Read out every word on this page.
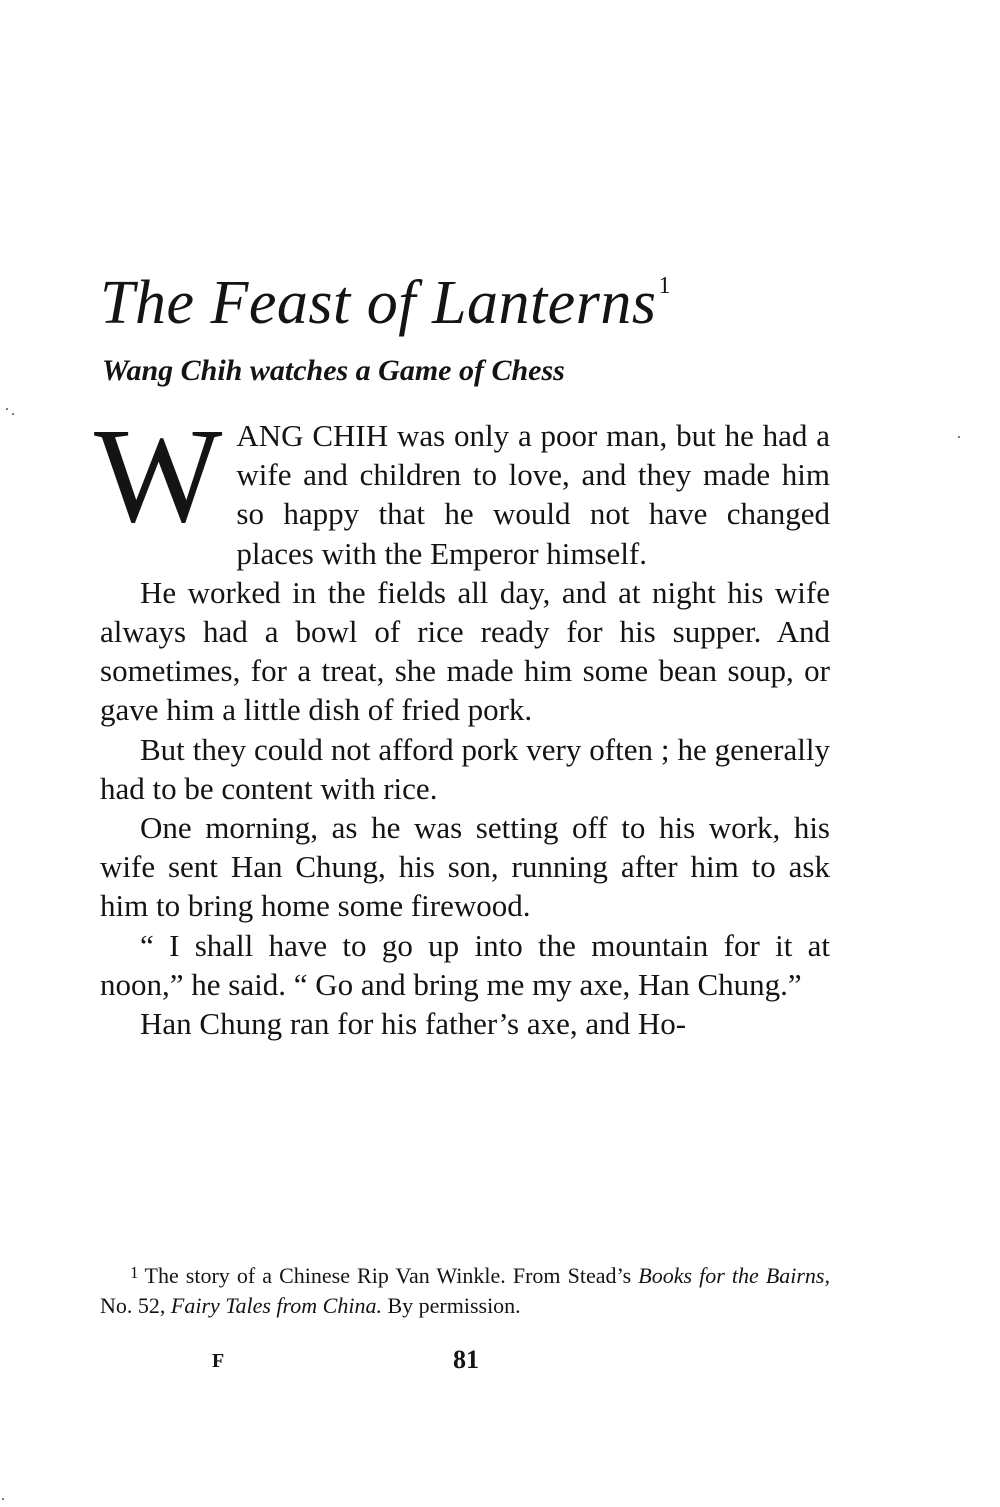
The Feast of Lanterns$^1$
Wang Chih watches a Game of Chess

WANG CHIH was only a poor man, but he had a wife and children to love, and they made him so happy that he would not have changed places with the Emperor himself.

He worked in the fields all day, and at night his wife always had a bowl of rice ready for his supper. And sometimes, for a treat, she made him some bean soup, or gave him a little dish of fried pork.

But they could not afford pork very often ; he generally had to be content with rice.

One morning, as he was setting off to his work, his wife sent Han Chung, his son, running after him to ask him to bring home some firewood.

“ I shall have to go up into the mountain for it at noon,” he said. “ Go and bring me my axe, Han Chung.”

Han Chung ran for his father’s axe, and Ho-

$^1$ The story of a Chinese Rip Van Winkle. From Stead’s Books for the Bairns, No. 52, Fairy Tales from China. By permission.
F	81
